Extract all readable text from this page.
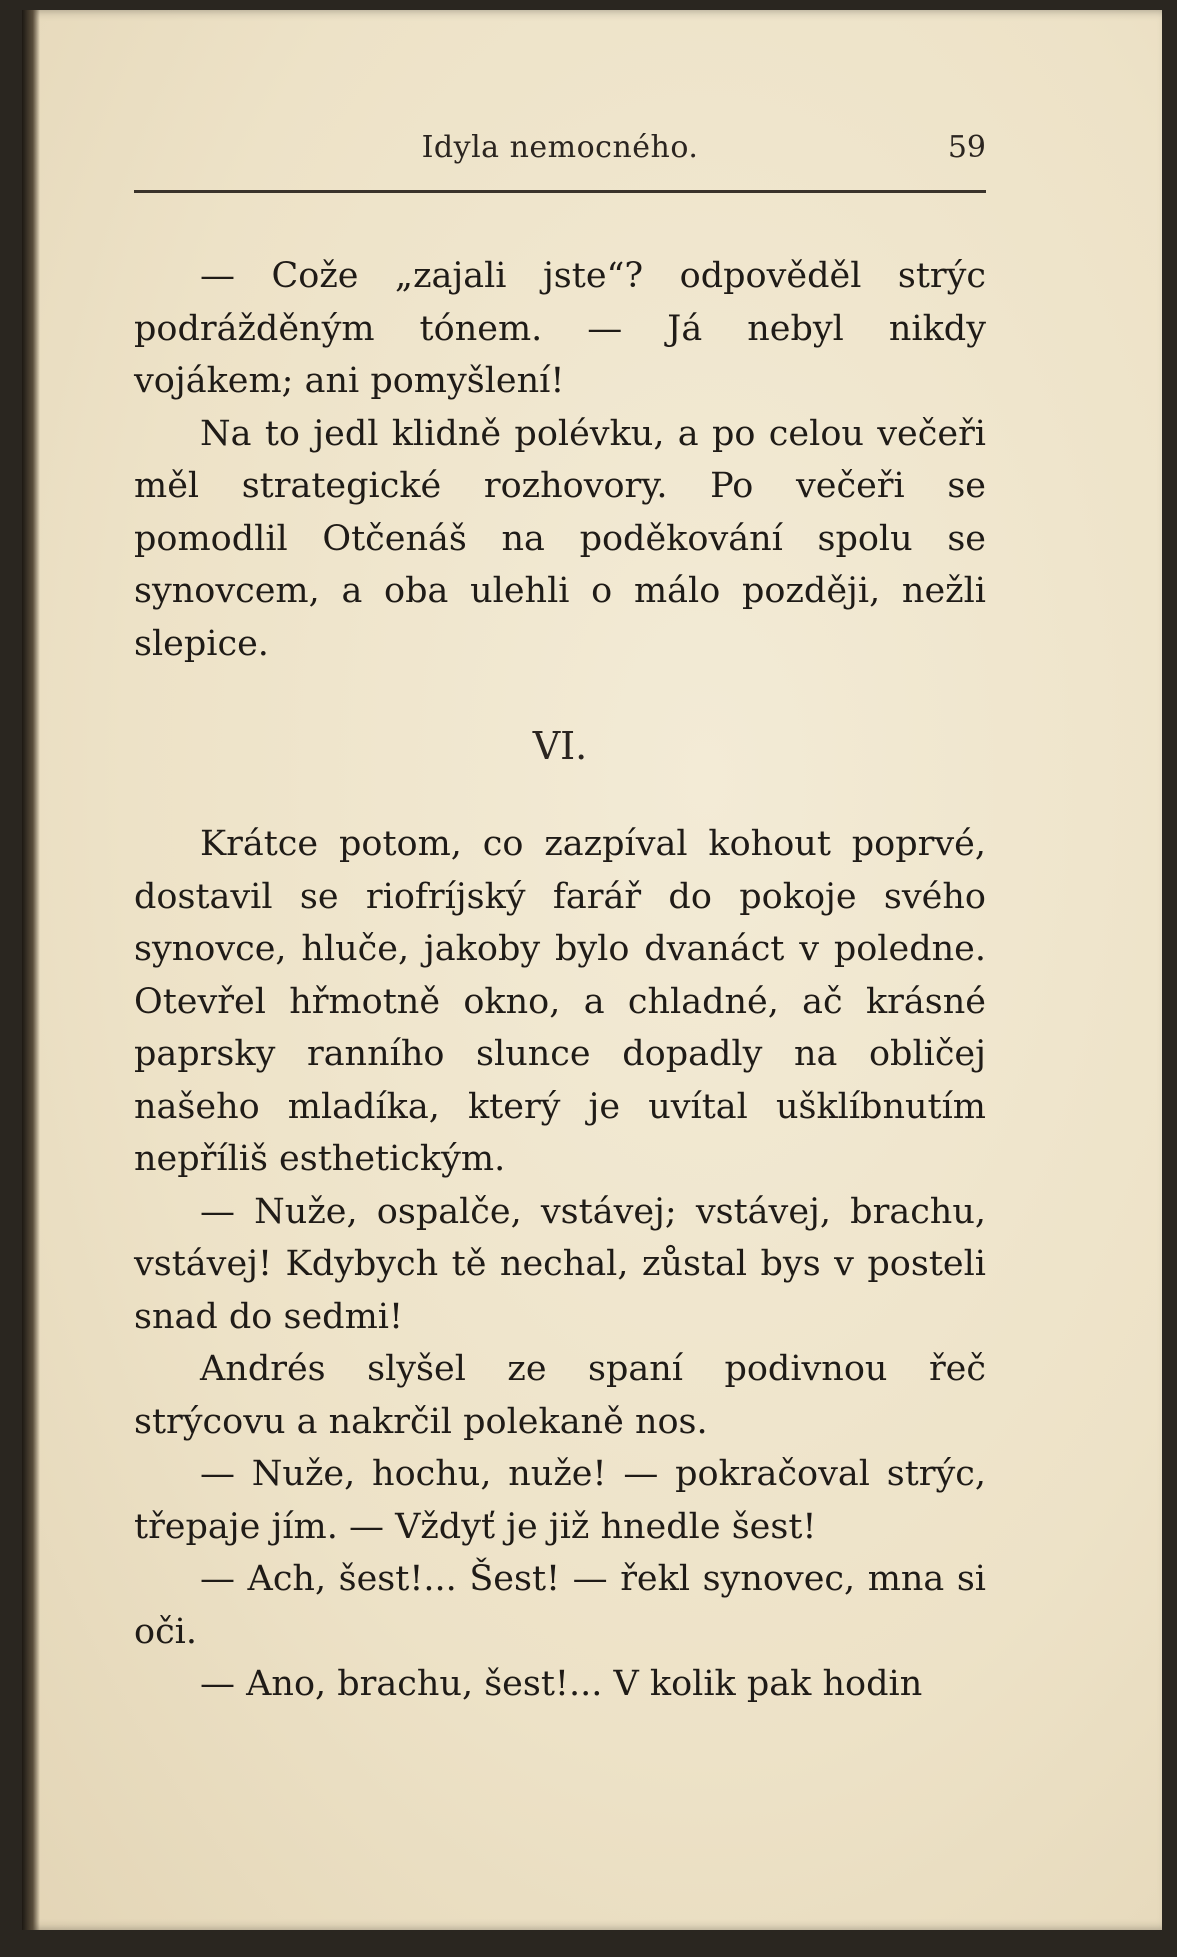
Idyla nemocného.	59

— Cože „zajali jste“? odpověděl strýc podrážděným tónem. — Já nebyl nikdy vojákem; ani pomyšlení!

Na to jedl klidně polévku, a po celou večeři měl strategické rozhovory. Po večeři se pomodlil Otčenáš na poděkování spolu se synovcem, a oba ulehli o málo později, nežli slepice.

VI.

Krátce potom, co zazpíval kohout poprvé, dostavil se riofríjský farář do pokoje svého synovce, hluče, jakoby bylo dvanáct v poledne. Otevřel hřmotně okno, a chladné, ač krásné paprsky ranního slunce dopadly na obličej našeho mladíka, který je uvítal ušklíbnutím nepříliš esthetickým.

— Nuže, ospalče, vstávej; vstávej, brachu, vstávej! Kdybych tě nechal, zůstal bys v posteli snad do sedmi!

Andrés slyšel ze spaní podivnou řeč strýcovu a nakrčil polekaně nos.

— Nuže, hochu, nuže! — pokračoval strýc, třepaje jím. — Vždyť je již hnedle šest!

— Ach, šest!... Šest! — řekl synovec, mna si oči.

— Ano, brachu, šest!... V kolik pak hodin
